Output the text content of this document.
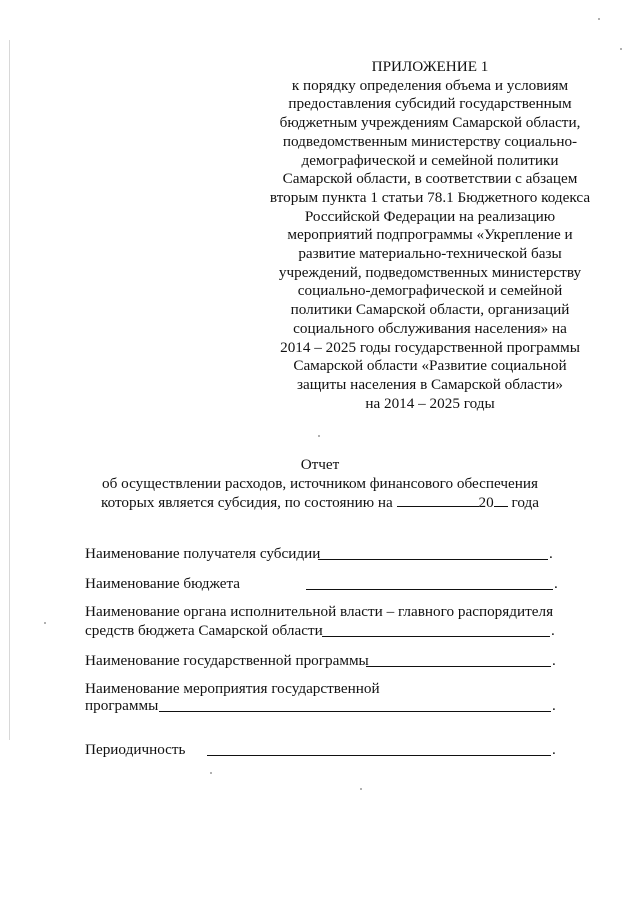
ПРИЛОЖЕНИЕ 1
к порядку определения объема и условиям
предоставления субсидий государственным
бюджетным учреждениям Самарской области,
подведомственным министерству социально-
демографической и семейной политики
Самарской области, в соответствии с абзацем
вторым пункта 1 статьи 78.1 Бюджетного кодекса
Российской Федерации на реализацию
мероприятий подпрограммы «Укрепление и
развитие материально-технической базы
учреждений, подведомственных министерству
социально-демографической и семейной
политики Самарской области, организаций
социального обслуживания населения» на
2014 – 2025 годы государственной программы
Самарской области «Развитие социальной
защиты населения в Самарской области»
на 2014 – 2025 годы
Отчет
об осуществлении расходов, источником финансового обеспечения
которых является субсидия, по состоянию на	20 года
Наименование получателя субсидии	.
Наименование бюджета	.
Наименование органа исполнительной власти – главного распорядителя
средств бюджета Самарской области	.
Наименование государственной программы	.
Наименование мероприятия государственной
программы	.
Периодичность	.
